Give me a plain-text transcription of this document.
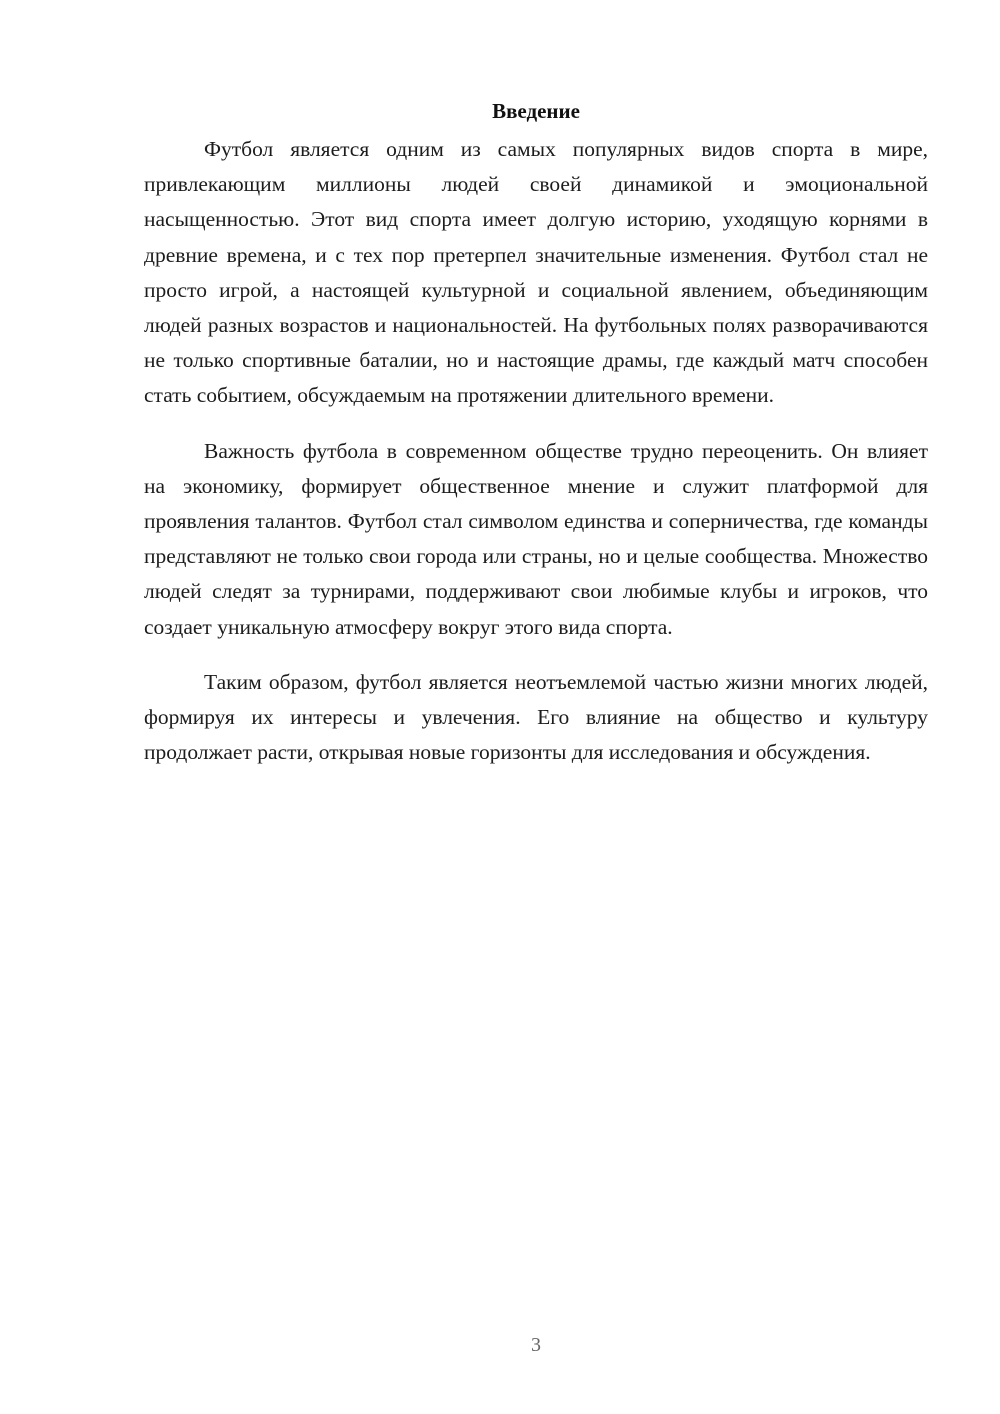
Введение

Футбол является одним из самых популярных видов спорта в мире, привлекающим миллионы людей своей динамикой и эмоциональной насыщенностью. Этот вид спорта имеет долгую историю, уходящую корнями в древние времена, и с тех пор претерпел значительные изменения. Футбол стал не просто игрой, а настоящей культурной и социальной явлением, объединяющим людей разных возрастов и национальностей. На футбольных полях разворачиваются не только спортивные баталии, но и настоящие драмы, где каждый матч способен стать событием, обсуждаемым на протяжении длительного времени.

Важность футбола в современном обществе трудно переоценить. Он влияет на экономику, формирует общественное мнение и служит платформой для проявления талантов. Футбол стал символом единства и соперничества, где команды представляют не только свои города или страны, но и целые сообщества. Множество людей следят за турнирами, поддерживают свои любимые клубы и игроков, что создает уникальную атмосферу вокруг этого вида спорта.

Таким образом, футбол является неотъемлемой частью жизни многих людей, формируя их интересы и увлечения. Его влияние на общество и культуру продолжает расти, открывая новые горизонты для исследования и обсуждения.

3
